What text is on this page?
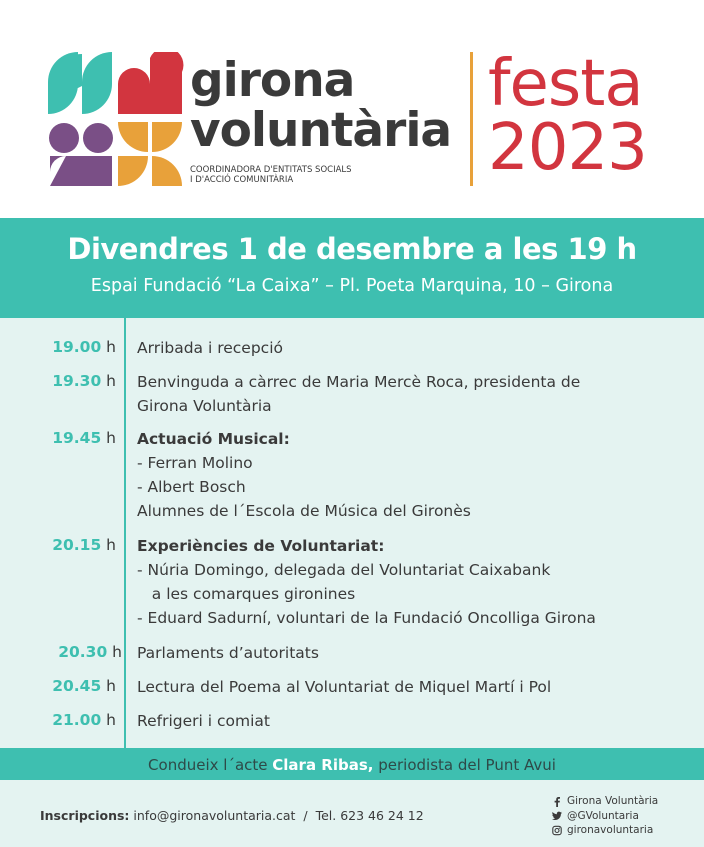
girona
voluntària
COORDINADORA D'ENTITATS SOCIALS
I D'ACCIÓ COMUNITÀRIA
festa
2023
Divendres 1 de desembre a les 19 h
Espai Fundació “La Caixa” – Pl. Poeta Marquina, 10 – Girona
19.00 h Arribada i recepció
19.30 h Benvinguda a càrrec de Maria Mercè Roca, presidenta de
Girona Voluntària
19.45 h Actuació Musical:
- Ferran Molino
- Albert Bosch
Alumnes de l´Escola de Música del Gironès
20.15 h Experiències de Voluntariat:
- Núria Domingo, delegada del Voluntariat Caixabank
a les comarques gironines
- Eduard Sadurní, voluntari de la Fundació Oncolliga Girona
20.30 h Parlaments d’autoritats
20.45 h Lectura del Poema al Voluntariat de Miquel Martí i Pol
21.00 h Refrigeri i comiat
Condueix l´acte Clara Ribas, periodista del Punt Avui
Inscripcions: info@gironavoluntaria.cat / Tel. 623 46 24 12
Girona Voluntària
@GVoluntaria
gironavoluntaria
